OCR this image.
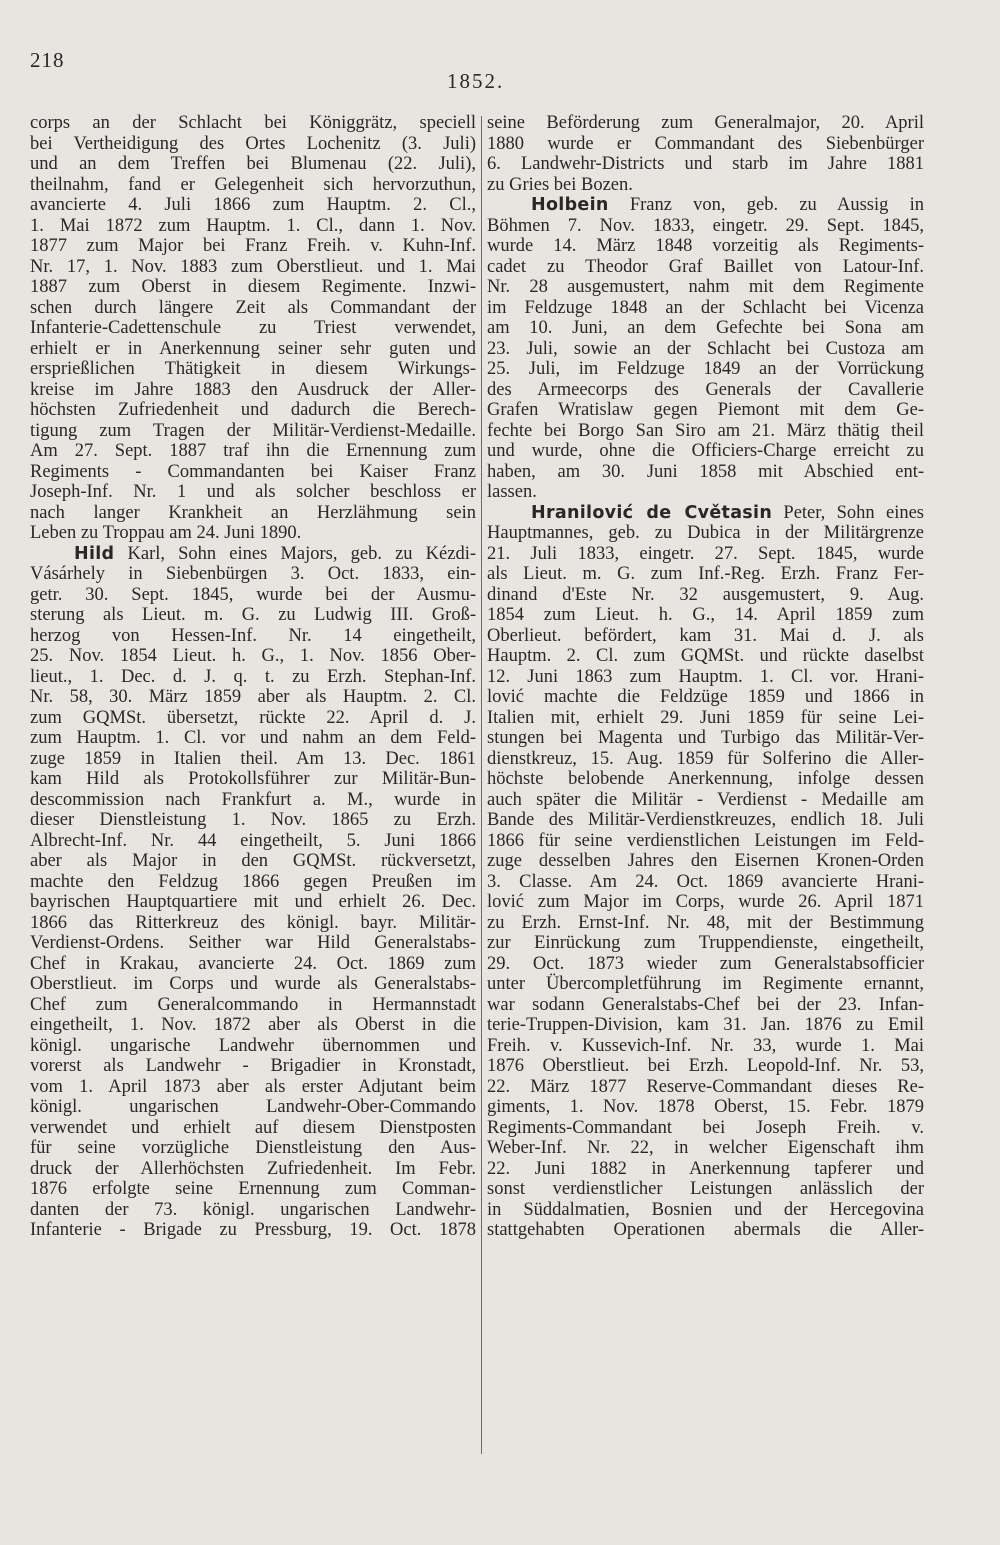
218
1852.
corps an der Schlacht bei Königgrätz, speciell
bei Vertheidigung des Ortes Lochenitz (3. Juli)
und an dem Treffen bei Blumenau (22. Juli),
theilnahm, fand er Gelegenheit sich hervorzuthun,
avancierte 4. Juli 1866 zum Hauptm. 2. Cl.,
1. Mai 1872 zum Hauptm. 1. Cl., dann 1. Nov.
1877 zum Major bei Franz Freih. v. Kuhn-Inf.
Nr. 17, 1. Nov. 1883 zum Oberstlieut. und 1. Mai
1887 zum Oberst in diesem Regimente. Inzwi-
schen durch längere Zeit als Commandant der
Infanterie-Cadettenschule zu Triest verwendet,
erhielt er in Anerkennung seiner sehr guten und
ersprießlichen Thätigkeit in diesem Wirkungs-
kreise im Jahre 1883 den Ausdruck der Aller-
höchsten Zufriedenheit und dadurch die Berech-
tigung zum Tragen der Militär-Verdienst-Medaille.
Am 27. Sept. 1887 traf ihn die Ernennung zum
Regiments - Commandanten bei Kaiser Franz
Joseph-Inf. Nr. 1 und als solcher beschloss er
nach langer Krankheit an Herzlähmung sein
Leben zu Troppau am 24. Juni 1890.
Hild Karl, Sohn eines Majors, geb. zu Kézdi-
Vásárhely in Siebenbürgen 3. Oct. 1833, ein-
getr. 30. Sept. 1845, wurde bei der Ausmu-
sterung als Lieut. m. G. zu Ludwig III. Groß-
herzog von Hessen-Inf. Nr. 14 eingetheilt,
25. Nov. 1854 Lieut. h. G., 1. Nov. 1856 Ober-
lieut., 1. Dec. d. J. q. t. zu Erzh. Stephan-Inf.
Nr. 58, 30. März 1859 aber als Hauptm. 2. Cl.
zum GQMSt. übersetzt, rückte 22. April d. J.
zum Hauptm. 1. Cl. vor und nahm an dem Feld-
zuge 1859 in Italien theil. Am 13. Dec. 1861
kam Hild als Protokollsführer zur Militär-Bun-
descommission nach Frankfurt a. M., wurde in
dieser Dienstleistung 1. Nov. 1865 zu Erzh.
Albrecht-Inf. Nr. 44 eingetheilt, 5. Juni 1866
aber als Major in den GQMSt. rückversetzt,
machte den Feldzug 1866 gegen Preußen im
bayrischen Hauptquartiere mit und erhielt 26. Dec.
1866 das Ritterkreuz des königl. bayr. Militär-
Verdienst-Ordens. Seither war Hild Generalstabs-
Chef in Krakau, avancierte 24. Oct. 1869 zum
Oberstlieut. im Corps und wurde als Generalstabs-
Chef zum Generalcommando in Hermannstadt
eingetheilt, 1. Nov. 1872 aber als Oberst in die
königl. ungarische Landwehr übernommen und
vorerst als Landwehr - Brigadier in Kronstadt,
vom 1. April 1873 aber als erster Adjutant beim
königl. ungarischen Landwehr-Ober-Commando
verwendet und erhielt auf diesem Dienstposten
für seine vorzügliche Dienstleistung den Aus-
druck der Allerhöchsten Zufriedenheit. Im Febr.
1876 erfolgte seine Ernennung zum Comman-
danten der 73. königl. ungarischen Landwehr-
Infanterie - Brigade zu Pressburg, 19. Oct. 1878
seine Beförderung zum Generalmajor, 20. April
1880 wurde er Commandant des Siebenbürger
6. Landwehr-Districts und starb im Jahre 1881
zu Gries bei Bozen.
Holbein Franz von, geb. zu Aussig in
Böhmen 7. Nov. 1833, eingetr. 29. Sept. 1845,
wurde 14. März 1848 vorzeitig als Regiments-
cadet zu Theodor Graf Baillet von Latour-Inf.
Nr. 28 ausgemustert, nahm mit dem Regimente
im Feldzuge 1848 an der Schlacht bei Vicenza
am 10. Juni, an dem Gefechte bei Sona am
23. Juli, sowie an der Schlacht bei Custoza am
25. Juli, im Feldzuge 1849 an der Vorrückung
des Armeecorps des Generals der Cavallerie
Grafen Wratislaw gegen Piemont mit dem Ge-
fechte bei Borgo San Siro am 21. März thätig theil
und wurde, ohne die Officiers-Charge erreicht zu
haben, am 30. Juni 1858 mit Abschied ent-
lassen.
Hranilović de Cvětasin Peter, Sohn eines
Hauptmannes, geb. zu Dubica in der Militärgrenze
21. Juli 1833, eingetr. 27. Sept. 1845, wurde
als Lieut. m. G. zum Inf.-Reg. Erzh. Franz Fer-
dinand d'Este Nr. 32 ausgemustert, 9. Aug.
1854 zum Lieut. h. G., 14. April 1859 zum
Oberlieut. befördert, kam 31. Mai d. J. als
Hauptm. 2. Cl. zum GQMSt. und rückte daselbst
12. Juni 1863 zum Hauptm. 1. Cl. vor. Hrani-
lović machte die Feldzüge 1859 und 1866 in
Italien mit, erhielt 29. Juni 1859 für seine Lei-
stungen bei Magenta und Turbigo das Militär-Ver-
dienstkreuz, 15. Aug. 1859 für Solferino die Aller-
höchste belobende Anerkennung, infolge dessen
auch später die Militär - Verdienst - Medaille am
Bande des Militär-Verdienstkreuzes, endlich 18. Juli
1866 für seine verdienstlichen Leistungen im Feld-
zuge desselben Jahres den Eisernen Kronen-Orden
3. Classe. Am 24. Oct. 1869 avancierte Hrani-
lović zum Major im Corps, wurde 26. April 1871
zu Erzh. Ernst-Inf. Nr. 48, mit der Bestimmung
zur Einrückung zum Truppendienste, eingetheilt,
29. Oct. 1873 wieder zum Generalstabsofficier
unter Übercompletführung im Regimente ernannt,
war sodann Generalstabs-Chef bei der 23. Infan-
terie-Truppen-Division, kam 31. Jan. 1876 zu Emil
Freih. v. Kussevich-Inf. Nr. 33, wurde 1. Mai
1876 Oberstlieut. bei Erzh. Leopold-Inf. Nr. 53,
22. März 1877 Reserve-Commandant dieses Re-
giments, 1. Nov. 1878 Oberst, 15. Febr. 1879
Regiments-Commandant bei Joseph Freih. v.
Weber-Inf. Nr. 22, in welcher Eigenschaft ihm
22. Juni 1882 in Anerkennung tapferer und
sonst verdienstlicher Leistungen anlässlich der
in Süddalmatien, Bosnien und der Hercegovina
stattgehabten Operationen abermals die Aller-
